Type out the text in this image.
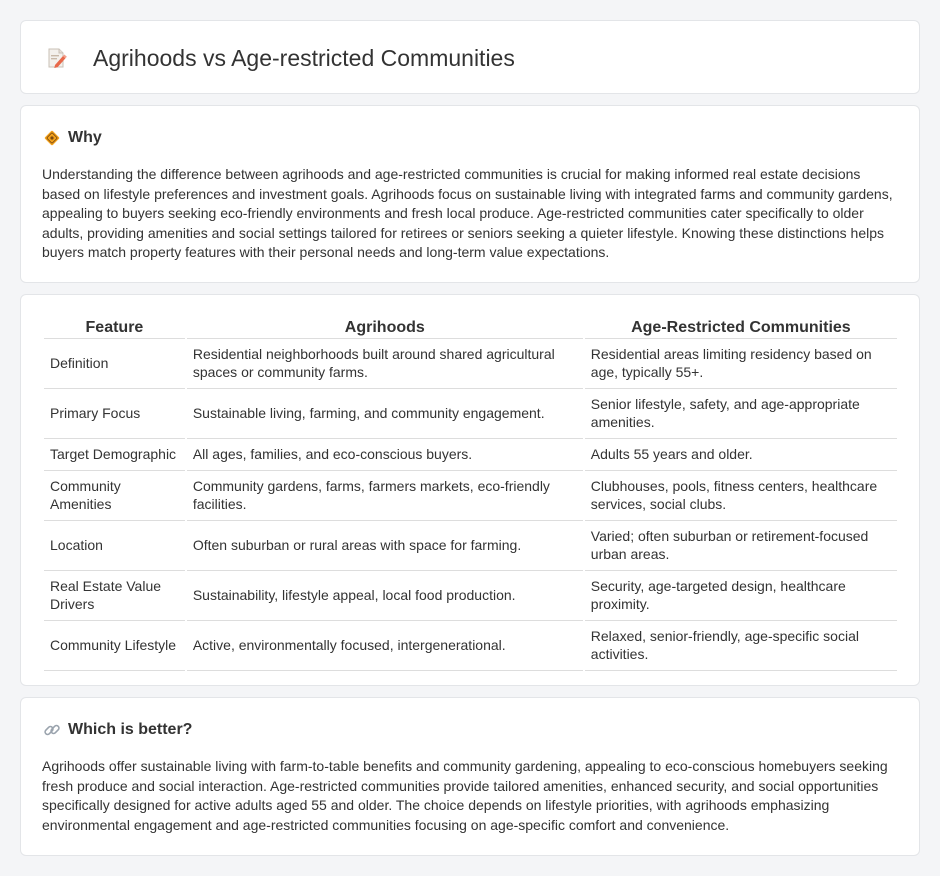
Agrihoods vs Age-restricted Communities
Why

Understanding the difference between agrihoods and age-restricted communities is crucial for making informed real estate decisions based on lifestyle preferences and investment goals. Agrihoods focus on sustainable living with integrated farms and community gardens, appealing to buyers seeking eco-friendly environments and fresh local produce. Age-restricted communities cater specifically to older adults, providing amenities and social settings tailored for retirees or seniors seeking a quieter lifestyle. Knowing these distinctions helps buyers match property features with their personal needs and long-term value expectations.

Feature	Agrihoods	Age-Restricted Communities
Definition	Residential neighborhoods built around shared agricultural spaces or community farms.	Residential areas limiting residency based on age, typically 55+.
Primary Focus	Sustainable living, farming, and community engagement.	Senior lifestyle, safety, and age-appropriate amenities.
Target Demographic	All ages, families, and eco-conscious buyers.	Adults 55 years and older.
Community Amenities	Community gardens, farms, farmers markets, eco-friendly facilities.	Clubhouses, pools, fitness centers, healthcare services, social clubs.
Location	Often suburban or rural areas with space for farming.	Varied; often suburban or retirement-focused urban areas.
Real Estate Value Drivers	Sustainability, lifestyle appeal, local food production.	Security, age-targeted design, healthcare proximity.
Community Lifestyle	Active, environmentally focused, intergenerational.	Relaxed, senior-friendly, age-specific social activities.
Which is better?

Agrihoods offer sustainable living with farm-to-table benefits and community gardening, appealing to eco-conscious homebuyers seeking fresh produce and social interaction. Age-restricted communities provide tailored amenities, enhanced security, and social opportunities specifically designed for active adults aged 55 and older. The choice depends on lifestyle priorities, with agrihoods emphasizing environmental engagement and age-restricted communities focusing on age-specific comfort and convenience.
